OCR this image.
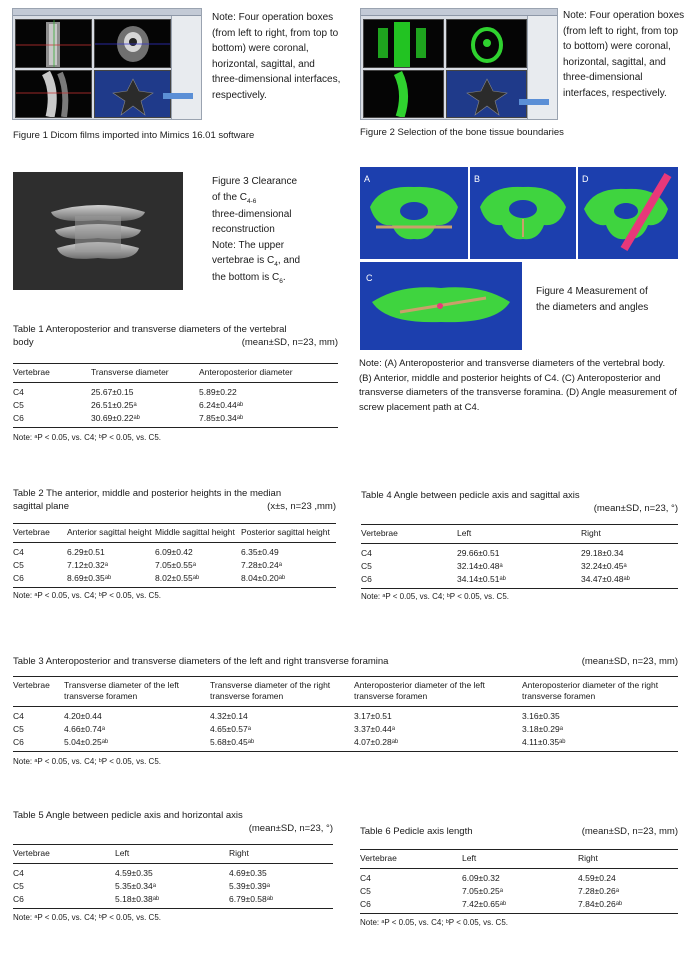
Note: Four operation boxes (from left to right, from top to bottom) were coronal, horizontal, sagittal, and three-dimensional interfaces, respectively.
Figure 1 Dicom films imported into Mimics 16.01 software
Note: Four operation boxes (from left to right, from top to bottom) were coronal, horizontal, sagittal, and three-dimensional interfaces, respectively.
Figure 2 Selection of the bone tissue boundaries
Figure 3 Clearance
of the $C_{4-6}$
three-dimensional
reconstruction
Note: The upper
vertebrae is $C_4$, and
the bottom is $C_6$.
A	B	D
C
Figure 4 Measurement of
the diameters and angles
Note: (A) Anteroposterior and transverse diameters of the vertebral body. (B) Anterior, middle and posterior heights of C4. (C) Anteroposterior and transverse diameters of the transverse foramina. (D) Angle measurement of screw placement path at C4.
Table 1 Anteroposterior and transverse diameters of the vertebral
body	(mean±SD, n=23, mm)
Vertebrae	Transverse diameter	Anteroposterior diameter
C4	25.67±0.15	5.89±0.22
C5	26.51±0.25ᵃ	6.24±0.44ᵃᵇ
C6	30.69±0.22ᵃᵇ	7.85±0.34ᵃᵇ
Note: ᵃP < 0.05, vs. C4; ᵇP < 0.05, vs. C5.
Table 2 The anterior, middle and posterior heights in the median
sagittal plane	(x±s, n=23 ,mm)
Vertebrae	Anterior sagittal height	Middle sagittal height	Posterior sagittal height
C4	6.29±0.51	6.09±0.42	6.35±0.49
C5	7.12±0.32ᵃ	7.05±0.55ᵃ	7.28±0.24ᵃ
C6	8.69±0.35ᵃᵇ	8.02±0.55ᵃᵇ	8.04±0.20ᵃᵇ
Note: ᵃP < 0.05, vs. C4; ᵇP < 0.05, vs. C5.
Table 4 Angle between pedicle axis and sagittal axis
(mean±SD, n=23, °)
Vertebrae	Left	Right
C4	29.66±0.51	29.18±0.34
C5	32.14±0.48ᵃ	32.24±0.45ᵃ
C6	34.14±0.51ᵃᵇ	34.47±0.48ᵃᵇ
Note: ᵃP < 0.05, vs. C4; ᵇP < 0.05, vs. C5.
Table 3 Anteroposterior and transverse diameters of the left and right transverse foramina	(mean±SD, n=23, mm)
Vertebrae	Transverse diameter of the left transverse foramen	Transverse diameter of the right transverse foramen	Anteroposterior diameter of the left transverse foramen	Anteroposterior diameter of the right transverse foramen
C4	4.20±0.44	4.32±0.14	3.17±0.51	3.16±0.35
C5	4.66±0.74ᵃ	4.65±0.57ᵃ	3.37±0.44ᵃ	3.18±0.29ᵃ
C6	5.04±0.25ᵃᵇ	5.68±0.45ᵃᵇ	4.07±0.28ᵃᵇ	4.11±0.35ᵃᵇ
Note: ᵃP < 0.05, vs. C4; ᵇP < 0.05, vs. C5.
Table 5 Angle between pedicle axis and horizontal axis
(mean±SD, n=23, °)
Vertebrae	Left	Right
C4	4.59±0.35	4.69±0.35
C5	5.35±0.34ᵃ	5.39±0.39ᵃ
C6	5.18±0.38ᵃᵇ	6.79±0.58ᵃᵇ
Note: ᵃP < 0.05, vs. C4; ᵇP < 0.05, vs. C5.
Table 6 Pedicle axis length	(mean±SD, n=23, mm)
Vertebrae	Left	Right
C4	6.09±0.32	4.59±0.24
C5	7.05±0.25ᵃ	7.28±0.26ᵃ
C6	7.42±0.65ᵃᵇ	7.84±0.26ᵃᵇ
Note: ᵃP < 0.05, vs. C4; ᵇP < 0.05, vs. C5.
